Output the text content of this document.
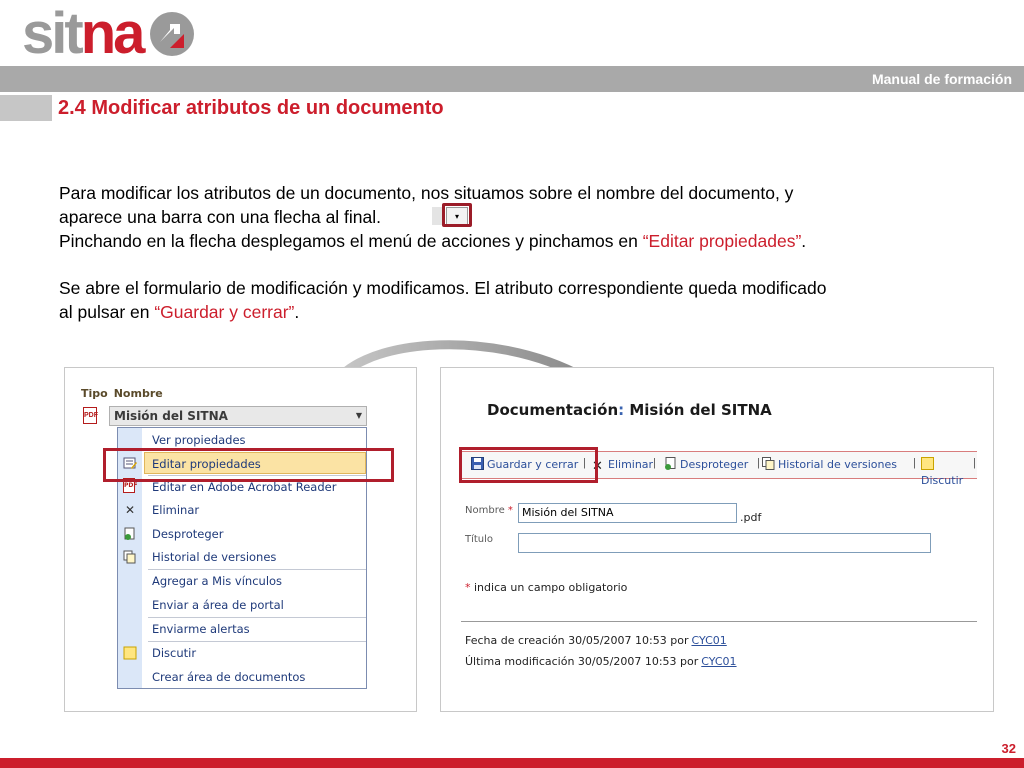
sitna
Manual de formación
2.4 Modificar atributos de un documento
Para modificar los atributos de un documento, nos situamos sobre el nombre del documento, y
aparece una barra con una flecha al final.	▾
Pinchando en la flecha desplegamos el menú de acciones y pinchamos en “Editar propiedades”.
Se abre el formulario de modificación y modificamos. El atributo correspondiente queda modificado
al pulsar en “Guardar y cerrar”.
Tipo Nombre
PDF	Misión del SITNA	▼
Ver propiedades
Editar propiedades
PDF Editar en Adobe Acrobat Reader
✕ Eliminar
Desproteger
Historial de versiones
Agregar a Mis vínculos
Enviar a área de portal
Enviarme alertas
Discutir
Crear área de documentos
Documentación: Misión del SITNA
Guardar y cerrar | ✕ Eliminar |	Desproteger |	Historial de versiones |
Discutir
|
Nombre * Misión del SITNA	.pdf
Título
* indica un campo obligatorio
Fecha de creación 30/05/2007 10:53 por CYC01
Última modificación 30/05/2007 10:53 por CYC01
32
